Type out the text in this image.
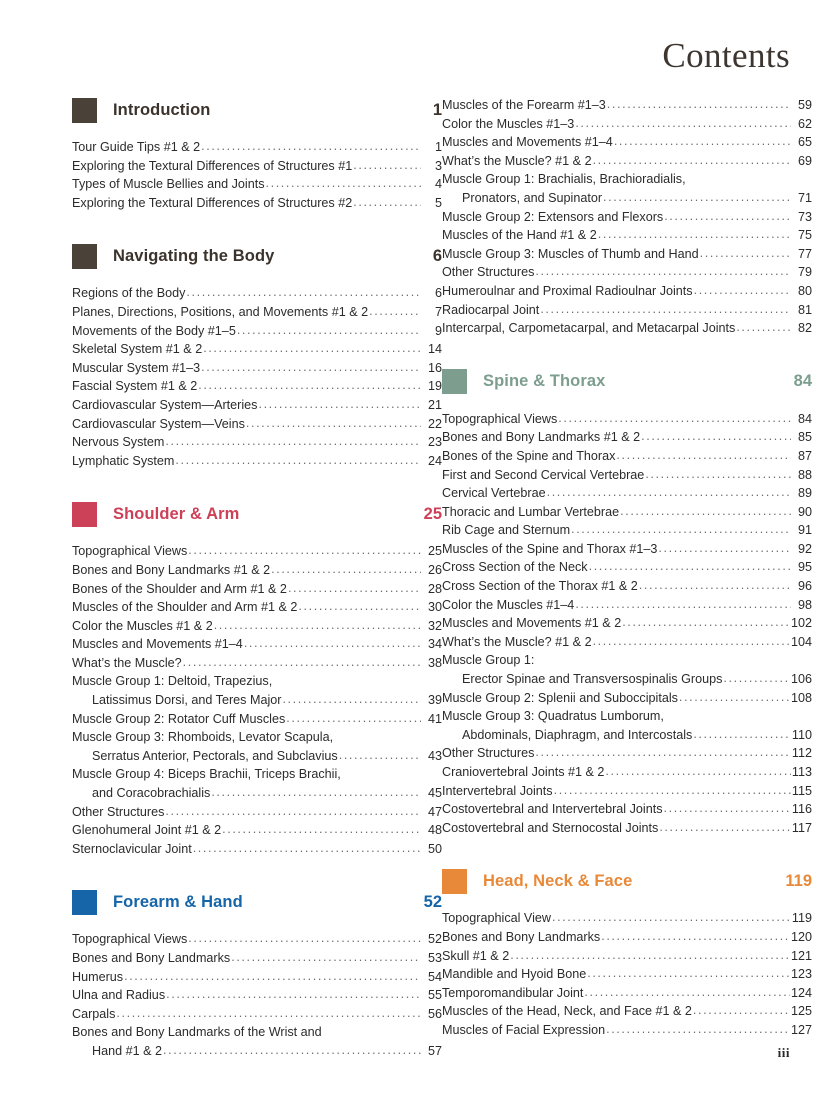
Contents
Introduction	1
Tour Guide Tips #1 & 2 .....	1
Exploring the Textural Differences of Structures #1 .....	3
Types of Muscle Bellies and Joints .....	4
Exploring the Textural Differences of Structures #2 .....	5
Navigating the Body	6
Regions of the Body .....	6
Planes, Directions, Positions, and Movements #1 & 2 .....	7
Movements of the Body #1–5 .....	9
Skeletal System #1 & 2 .....	14
Muscular System #1–3 .....	16
Fascial System #1 & 2 .....	19
Cardiovascular System—Arteries .....	21
Cardiovascular System—Veins .....	22
Nervous System .....	23
Lymphatic System .....	24
Shoulder & Arm	25
Topographical Views .....	25
Bones and Bony Landmarks #1 & 2 .....	26
Bones of the Shoulder and Arm #1 & 2 .....	28
Muscles of the Shoulder and Arm #1 & 2 .....	30
Color the Muscles #1 & 2 .....	32
Muscles and Movements #1–4 .....	34
What’s the Muscle? .....	38
Muscle Group 1: Deltoid, Trapezius,
Latissimus Dorsi, and Teres Major .....	39
Muscle Group 2: Rotator Cuff Muscles .....	41
Muscle Group 3: Rhomboids, Levator Scapula,
Serratus Anterior, Pectorals, and Subclavius .....	43
Muscle Group 4: Biceps Brachii, Triceps Brachii,
and Coracobrachialis .....	45
Other Structures .....	47
Glenohumeral Joint #1 & 2 .....	48
Sternoclavicular Joint .....	50
Forearm & Hand	52
Topographical Views .....	52
Bones and Bony Landmarks .....	53
Humerus .....	54
Ulna and Radius .....	55
Carpals .....	56
Bones and Bony Landmarks of the Wrist and
Hand #1 & 2 .....	57
Muscles of the Forearm #1–3 .....	59
Color the Muscles #1–3 .....	62
Muscles and Movements #1–4 .....	65
What’s the Muscle? #1 & 2 .....	69
Muscle Group 1: Brachialis, Brachioradialis,
Pronators, and Supinator .....	71
Muscle Group 2: Extensors and Flexors .....	73
Muscles of the Hand #1 & 2 .....	75
Muscle Group 3: Muscles of Thumb and Hand .....	77
Other Structures .....	79
Humeroulnar and Proximal Radioulnar Joints .....	80
Radiocarpal Joint .....	81
Intercarpal, Carpometacarpal, and Metacarpal Joints .....	82
Spine & Thorax	84
Topographical Views .....	84
Bones and Bony Landmarks #1 & 2 .....	85
Bones of the Spine and Thorax .....	87
First and Second Cervical Vertebrae .....	88
Cervical Vertebrae .....	89
Thoracic and Lumbar Vertebrae .....	90
Rib Cage and Sternum .....	91
Muscles of the Spine and Thorax #1–3 .....	92
Cross Section of the Neck .....	95
Cross Section of the Thorax #1 & 2 .....	96
Color the Muscles #1–4 .....	98
Muscles and Movements #1 & 2 .....	102
What’s the Muscle? #1 & 2 .....	104
Muscle Group 1:
Erector Spinae and Transversospinalis Groups .....	106
Muscle Group 2: Splenii and Suboccipitals .....	108
Muscle Group 3: Quadratus Lumborum,
Abdominals, Diaphragm, and Intercostals .....	110
Other Structures .....	112
Craniovertebral Joints #1 & 2 .....	113
Intervertebral Joints .....	115
Costovertebral and Intervertebral Joints .....	116
Costovertebral and Sternocostal Joints .....	117
Head, Neck & Face	119
Topographical View .....	119
Bones and Bony Landmarks .....	120
Skull #1 & 2 .....	121
Mandible and Hyoid Bone .....	123
Temporomandibular Joint .....	124
Muscles of the Head, Neck, and Face #1 & 2 .....	125
Muscles of Facial Expression .....	127
iii
